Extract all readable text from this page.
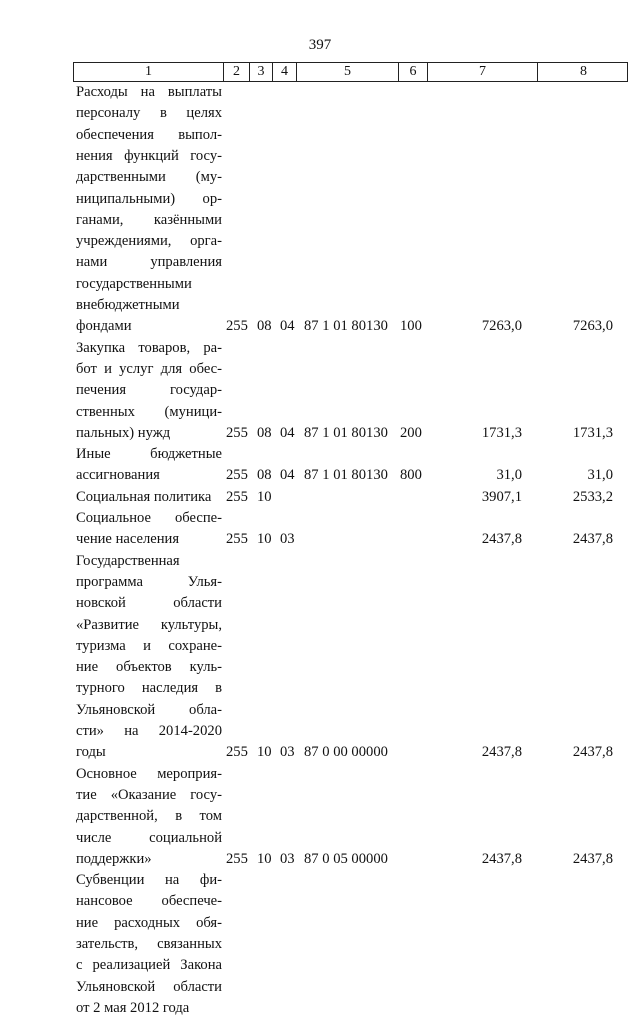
397
1	2	3	4	5	6	7	8
Расходы на выплаты
персоналу в целях
обеспечения выпол-
нения функций госу-
дарственными (му-
ниципальными) ор-
ганами, казёнными
учреждениями, орга-
нами управления
государственными
внебюджетными
фондами	255 08 04 87 1 01 80130 100	7263,0	7263,0
Закупка товаров, ра-
бот и услуг для обес-
печения государ-
ственных (муници-
пальных) нужд	255 08 04 87 1 01 80130 200	1731,3	1731,3
Иные бюджетные
ассигнования	255 08 04 87 1 01 80130 800	31,0	31,0
Социальная политика	255 10	3907,1	2533,2
Социальное обеспе-
чение населения	255 10 03	2437,8	2437,8
Государственная
программа Улья-
новской области
«Развитие культуры,
туризма и сохране-
ние объектов куль-
турного наследия в
Ульяновской обла-
сти» на 2014-2020
годы	255 10 03 87 0 00 00000	2437,8	2437,8
Основное мероприя-
тие «Оказание госу-
дарственной, в том
числе социальной
поддержки»	255 10 03 87 0 05 00000	2437,8	2437,8
Субвенции на фи-
нансовое обеспече-
ние расходных обя-
зательств, связанных
с реализацией Закона
Ульяновской области
от 2 мая 2012 года
